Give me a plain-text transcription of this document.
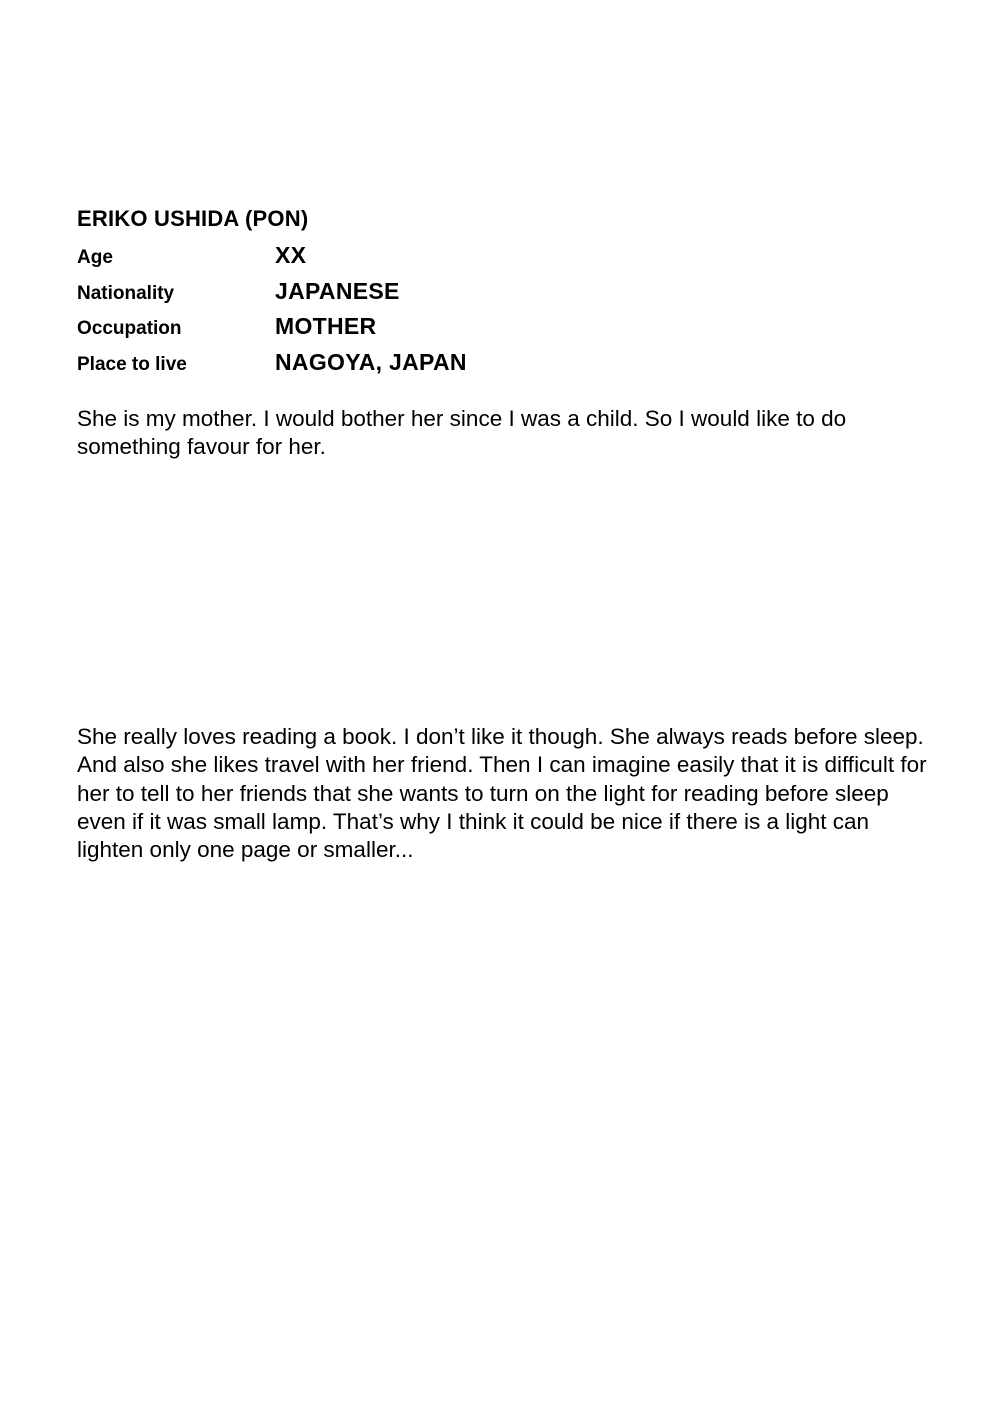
ERIKO USHIDA (PON)
Age	XX
Nationality	JAPANESE
Occupation	MOTHER
Place to live	NAGOYA, JAPAN

She is my mother. I would bother her since I was a child. So I would like to do something favour for her.

She really loves reading a book. I don’t like it though. She always reads before sleep. And also she likes travel with her friend. Then I can imagine easily that it is difficult for her to tell to her friends that she wants to turn on the light for reading before sleep even if it was small lamp. That’s why I think it could be nice if there is a light can lighten only one page or smaller...
